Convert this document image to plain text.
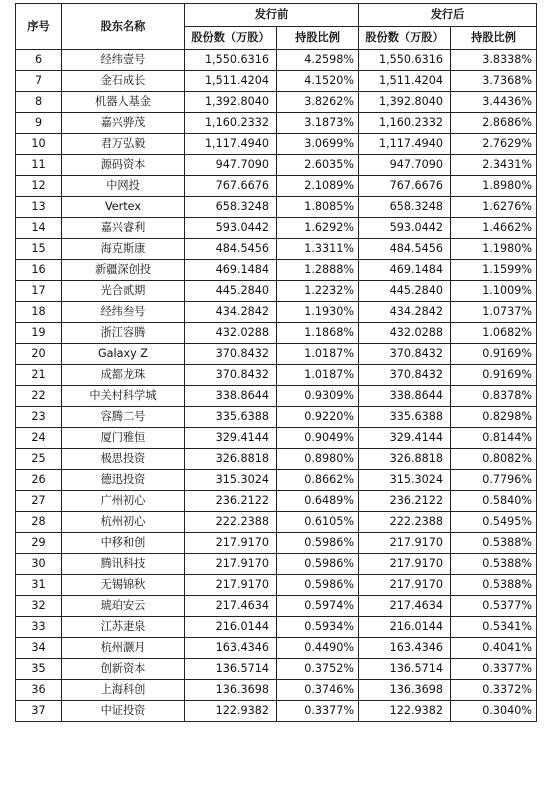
序号	股东名称	发行前		发行后	
		股份数（万股）	持股比例	股份数（万股）	持股比例
6	经纬壹号	1,550.6316	4.2598%	1,550.6316	3.8338%
7	金石成长	1,511.4204	4.1520%	1,511.4204	3.7368%
8	机器人基金	1,392.8040	3.8262%	1,392.8040	3.4436%
9	嘉兴骅茂	1,160.2332	3.1873%	1,160.2332	2.8686%
10	君万弘毅	1,117.4940	3.0699%	1,117.4940	2.7629%
11	源码资本	947.7090	2.6035%	947.7090	2.3431%
12	中网投	767.6676	2.1089%	767.6676	1.8980%
13	Vertex	658.3248	1.8085%	658.3248	1.6276%
14	嘉兴睿利	593.0442	1.6292%	593.0442	1.4662%
15	海克斯康	484.5456	1.3311%	484.5456	1.1980%
16	新疆深创投	469.1484	1.2888%	469.1484	1.1599%
17	光合贰期	445.2840	1.2232%	445.2840	1.1009%
18	经纬叁号	434.2842	1.1930%	434.2842	1.0737%
19	浙江容腾	432.0288	1.1868%	432.0288	1.0682%
20	Galaxy Z	370.8432	1.0187%	370.8432	0.9169%
21	成都龙珠	370.8432	1.0187%	370.8432	0.9169%
22	中关村科学城	338.8644	0.9309%	338.8644	0.8378%
23	容腾二号	335.6388	0.9220%	335.6388	0.8298%
24	厦门雅恒	329.4144	0.9049%	329.4144	0.8144%
25	极思投资	326.8818	0.8980%	326.8818	0.8082%
26	德迅投资	315.3024	0.8662%	315.3024	0.7796%
27	广州初心	236.2122	0.6489%	236.2122	0.5840%
28	杭州初心	222.2388	0.6105%	222.2388	0.5495%
29	中移和创	217.9170	0.5986%	217.9170	0.5388%
30	腾讯科技	217.9170	0.5986%	217.9170	0.5388%
31	无锡锦秋	217.9170	0.5986%	217.9170	0.5388%
32	琥珀安云	217.4634	0.5974%	217.4634	0.5377%
33	江苏疌泉	216.0144	0.5934%	216.0144	0.5341%
34	杭州灏月	163.4346	0.4490%	163.4346	0.4041%
35	创新资本	136.5714	0.3752%	136.5714	0.3377%
36	上海科创	136.3698	0.3746%	136.3698	0.3372%
37	中证投资	122.9382	0.3377%	122.9382	0.3040%
